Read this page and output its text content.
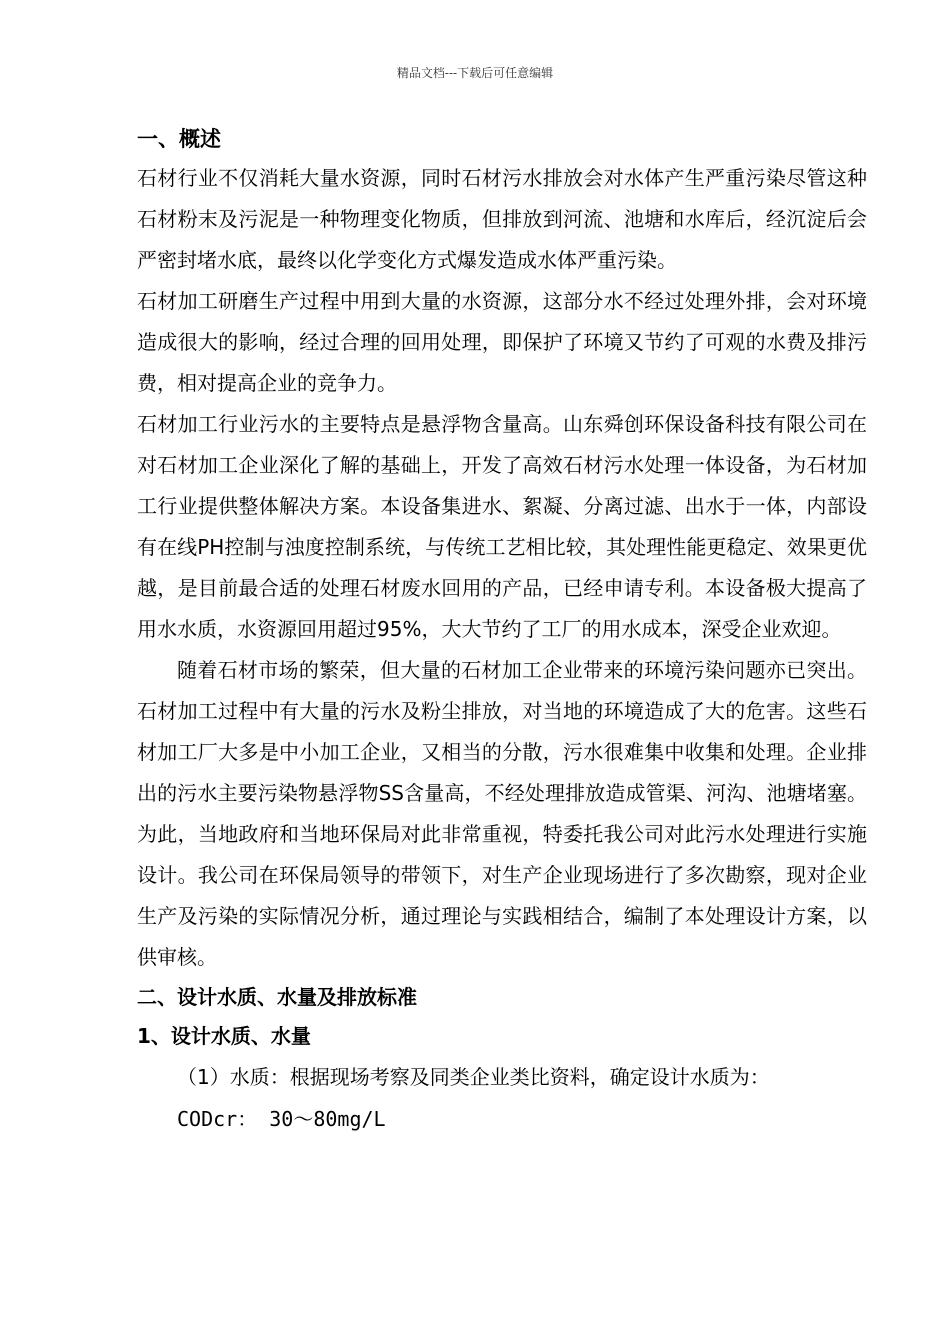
精品文档---下载后可任意编辑
一、概述

石材行业不仅消耗大量水资源，同时石材污水排放会对水体产生严重污染尽管这种石材粉末及污泥是一种物理变化物质，但排放到河流、池塘和水库后，经沉淀后会严密封堵水底，最终以化学变化方式爆发造成水体严重污染。

石材加工研磨生产过程中用到大量的水资源，这部分水不经过处理外排，会对环境造成很大的影响，经过合理的回用处理，即保护了环境又节约了可观的水费及排污费，相对提高企业的竞争力。

石材加工行业污水的主要特点是悬浮物含量高。山东舜创环保设备科技有限公司在对石材加工企业深化了解的基础上，开发了高效石材污水处理一体设备，为石材加工行业提供整体解决方案。本设备集进水、絮凝、分离过滤、出水于一体，内部设有在线PH控制与浊度控制系统，与传统工艺相比较，其处理性能更稳定、效果更优越，是目前最合适的处理石材废水回用的产品，已经申请专利。本设备极大提高了用水水质，水资源回用超过95%，大大节约了工厂的用水成本，深受企业欢迎。

随着石材市场的繁荣，但大量的石材加工企业带来的环境污染问题亦已突出。石材加工过程中有大量的污水及粉尘排放，对当地的环境造成了大的危害。这些石材加工厂大多是中小加工企业，又相当的分散，污水很难集中收集和处理。企业排出的污水主要污染物悬浮物SS含量高，不经处理排放造成管渠、河沟、池塘堵塞。为此，当地政府和当地环保局对此非常重视，特委托我公司对此污水处理进行实施设计。我公司在环保局领导的带领下，对生产企业现场进行了多次勘察，现对企业生产及污染的实际情况分析，通过理论与实践相结合，编制了本处理设计方案，以供审核。

二、设计水质、水量及排放标准
1、设计水质、水量

（1）水质：根据现场考察及同类企业类比资料，确定设计水质为：

CODcr： 30～80mg/L
